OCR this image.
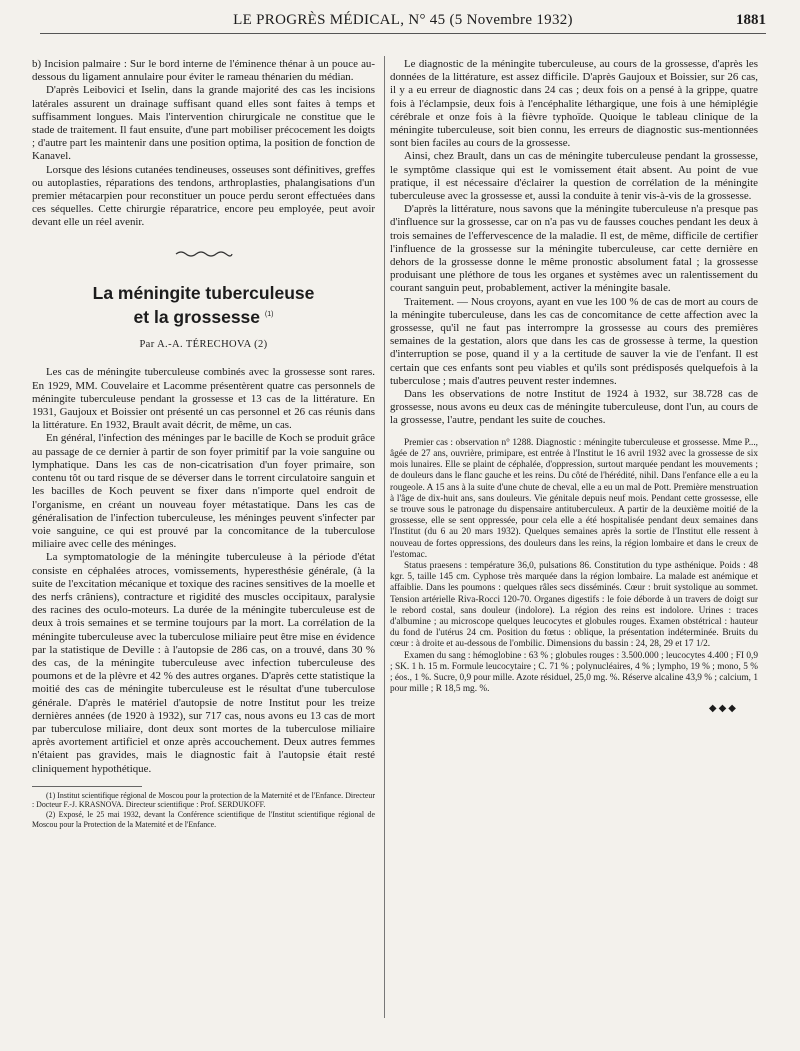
LE PROGRÈS MÉDICAL, N° 45 (5 Novembre 1932)	1881

b) Incision palmaire : Sur le bord interne de l'éminence thénar à un pouce au-dessous du ligament annulaire pour éviter le rameau thénarien du médian.

D'après Leibovici et Iselin, dans la grande majorité des cas les incisions latérales assurent un drainage suffisant quand elles sont faites à temps et suffisamment longues. Mais l'intervention chirurgicale ne constitue que le stade de traitement. Il faut ensuite, d'une part mobiliser précocement les doigts ; d'autre part les maintenir dans une position optima, la position de fonction de Kanavel.

Lorsque des lésions cutanées tendineuses, osseuses sont définitives, greffes ou autoplasties, réparations des tendons, arthroplasties, phalangisations d'un premier métacarpien pour reconstituer un pouce perdu seront effectuées dans ces séquelles. Cette chirurgie réparatrice, encore peu employée, peut avoir devant elle un réel avenir.

La méningite tuberculeuse
et la grossesse $^{(1)}$
Par A.-A. TÉRECHOVA (2)

Les cas de méningite tuberculeuse combinés avec la grossesse sont rares. En 1929, MM. Couvelaire et Lacomme présentèrent quatre cas personnels de méningite tuberculeuse pendant la grossesse et 13 cas de la littérature. En 1931, Gaujoux et Boissier ont présenté un cas personnel et 26 cas réunis dans la littérature. En 1932, Brault avait décrit, de même, un cas.

En général, l'infection des méninges par le bacille de Koch se produit grâce au passage de ce dernier à partir de son foyer primitif par la voie sanguine ou lymphatique. Dans les cas de non-cicatrisation d'un foyer primaire, son contenu tôt ou tard risque de se déverser dans le torrent circulatoire sanguin et les bacilles de Koch peuvent se fixer dans n'importe quel endroit de l'organisme, en créant un nouveau foyer métastatique. Dans les cas de généralisation de l'infection tuberculeuse, les méninges peuvent s'infecter par voie sanguine, ce qui est prouvé par la concomitance de la tuberculose miliaire avec celle des méninges.

La symptomatologie de la méningite tuberculeuse à la période d'état consiste en céphalées atroces, vomissements, hyperesthésie générale, (à la suite de l'excitation mécanique et toxique des racines sensitives de la moelle et des nerfs crâniens), contracture et rigidité des muscles occipitaux, paralysie des racines des oculo-moteurs. La durée de la méningite tuberculeuse est de deux à trois semaines et se termine toujours par la mort. La corrélation de la méningite tuberculeuse avec la tuberculose miliaire peut être mise en évidence par la statistique de Deville : à l'autopsie de 286 cas, on a trouvé, dans 30 % des cas, de la méningite tuberculeuse avec infection tuberculeuse des poumons et de la plèvre et 42 % des autres organes. D'après cette statistique la moitié des cas de méningite tuberculeuse est le résultat d'une tuberculose générale. D'après le matériel d'autopsie de notre Institut pour les treize dernières années (de 1920 à 1932), sur 717 cas, nous avons eu 13 cas de mort par tuberculose miliaire, dont deux sont mortes de la tuberculose miliaire après avortement artificiel et onze après accouchement. Deux autres femmes n'étaient pas gravides, mais le diagnostic fait à l'autopsie était resté cliniquement hypothétique.

(1) Institut scientifique régional de Moscou pour la protection de la Maternité et de l'Enfance. Directeur : Docteur F.-J. KRASNOVA. Directeur scientifique : Prof. SERDUKOFF.

(2) Exposé, le 25 mai 1932, devant la Conférence scientifique de l'Institut scientifique régional de Moscou pour la Protection de la Maternité et de l'Enfance.

Le diagnostic de la méningite tuberculeuse, au cours de la grossesse, d'après les données de la littérature, est assez difficile. D'après Gaujoux et Boissier, sur 26 cas, il y a eu erreur de diagnostic dans 24 cas ; deux fois on a pensé à la grippe, quatre fois à l'éclampsie, deux fois à l'encéphalite léthargique, une fois à une hémiplégie cérébrale et onze fois à la fièvre typhoïde. Quoique le tableau clinique de la méningite tuberculeuse, soit bien connu, les erreurs de diagnostic sus-mentionnées sont bien faciles au cours de la grossesse.

Ainsi, chez Brault, dans un cas de méningite tuberculeuse pendant la grossesse, le symptôme classique qui est le vomissement était absent. Au point de vue pratique, il est nécessaire d'éclairer la question de corrélation de la méningite tuberculeuse avec la grossesse et, aussi la conduite à tenir vis-à-vis de la grossesse.

D'après la littérature, nous savons que la méningite tuberculeuse n'a presque pas d'influence sur la grossesse, car on n'a pas vu de fausses couches pendant les deux à trois semaines de l'effervescence de la maladie. Il est, de même, difficile de certifier l'influence de la grossesse sur la méningite tuberculeuse, car cette dernière en dehors de la grossesse donne le même pronostic absolument fatal ; la grossesse produisant une pléthore de tous les organes et systèmes avec un ralentissement du courant sanguin peut, probablement, activer la méningite basale.

Traitement. — Nous croyons, ayant en vue les 100 % de cas de mort au cours de la méningite tuberculeuse, dans les cas de concomitance de cette affection avec la grossesse, qu'il ne faut pas interrompre la grossesse au cours des premières semaines de la gestation, alors que dans les cas de grossesse à terme, la question d'interruption se pose, quand il y a la certitude de sauver la vie de l'enfant. Il est certain que ces enfants sont peu viables et qu'ils sont prédisposés quelquefois à la tuberculose ; mais d'autres peuvent rester indemnes.

Dans les observations de notre Institut de 1924 à 1932, sur 38.728 cas de grossesse, nous avons eu deux cas de méningite tuberculeuse, dont l'un, au cours de la grossesse, l'autre, pendant les suite de couches.

Premier cas : observation n° 1288. Diagnostic : méningite tuberculeuse et grossesse. Mme P..., âgée de 27 ans, ouvrière, primipare, est entrée à l'Institut le 16 avril 1932 avec la grossesse de six mois lunaires. Elle se plaint de céphalée, d'oppression, surtout marquée pendant les mouvements ; de douleurs dans le flanc gauche et les reins. Du côté de l'hérédité, nihil. Dans l'enfance elle a eu la rougeole. A 15 ans à la suite d'une chute de cheval, elle a eu un mal de Pott. Première menstruation à l'âge de dix-huit ans, sans douleurs. Vie génitale depuis neuf mois. Pendant cette grossesse, elle se trouve sous le patronage du dispensaire antituberculeux. A partir de la deuxième moitié de la grossesse, elle se sent oppressée, pour cela elle a été hospitalisée pendant deux semaines dans l'Institut (du 6 au 20 mars 1932). Quelques semaines après la sortie de l'Institut elle ressent à nouveau de fortes oppressions, des douleurs dans les reins, la région lombaire et dans le creux de l'estomac.

Status praesens : température 36,0, pulsations 86. Constitution du type asthénique. Poids : 48 kgr. 5, taille 145 cm. Cyphose très marquée dans la région lombaire. La malade est anémique et affaiblie. Dans les poumons : quelques râles secs disséminés. Cœur : bruit systolique au sommet. Tension artérielle Riva-Rocci 120-70. Organes digestifs : le foie déborde à un travers de doigt sur le rebord costal, sans douleur (indolore). La région des reins est indolore. Urines : traces d'albumine ; au microscope quelques leucocytes et globules rouges. Examen obstétrical : hauteur du fond de l'utérus 24 cm. Position du fœtus : oblique, la présentation indéterminée. Bruits du cœur : à droite et au-dessous de l'ombilic. Dimensions du bassin : 24, 28, 29 et 17 1/2.

Examen du sang : hémoglobine : 63 % ; globules rouges : 3.500.000 ; leucocytes 4.400 ; FI 0,9 ; SK. 1 h. 15 m. Formule leucocytaire ; C. 71 % ; polynucléaires, 4 % ; lympho, 19 % ; mono, 5 % ; éos., 1 %. Sucre, 0,9 pour mille. Azote résiduel, 25,0 mg. %. Réserve alcaline 43,9 % ; calcium, 1 pour mille ; R 18,5 mg. %.

◆◆◆
